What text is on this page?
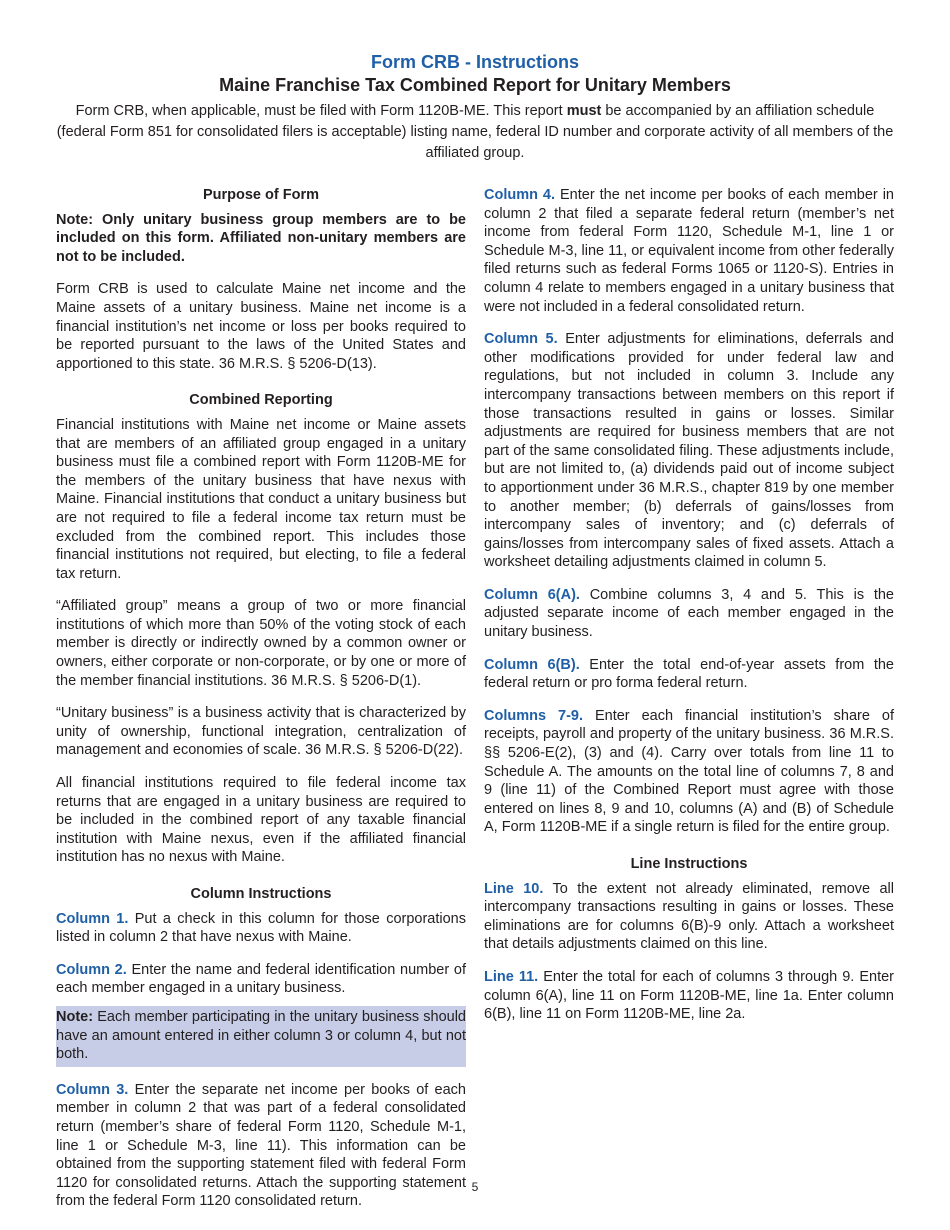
Form CRB - Instructions
Maine Franchise Tax Combined Report for Unitary Members
Form CRB, when applicable, must be filed with Form 1120B-ME. This report must be accompanied by an affiliation schedule (federal Form 851 for consolidated filers is acceptable) listing name, federal ID number and corporate activity of all members of the affiliated group.
Purpose of Form

Note: Only unitary business group members are to be included on this form. Affiliated non-unitary members are not to be included.

Form CRB is used to calculate Maine net income and the Maine assets of a unitary business. Maine net income is a financial institution’s net income or loss per books required to be reported pursuant to the laws of the United States and apportioned to this state. 36 M.R.S. § 5206-D(13).

Combined Reporting

Financial institutions with Maine net income or Maine assets that are members of an affiliated group engaged in a unitary business must file a combined report with Form 1120B-ME for the members of the unitary business that have nexus with Maine. Financial institutions that conduct a unitary business but are not required to file a federal income tax return must be excluded from the combined report. This includes those financial institutions not required, but electing, to file a federal tax return.

“Affiliated group” means a group of two or more financial institutions of which more than 50% of the voting stock of each member is directly or indirectly owned by a common owner or owners, either corporate or non-corporate, or by one or more of the member financial institutions. 36 M.R.S. § 5206-D(1).

“Unitary business” is a business activity that is characterized by unity of ownership, functional integration, centralization of management and economies of scale. 36 M.R.S. § 5206-D(22).

All financial institutions required to file federal income tax returns that are engaged in a unitary business are required to be included in the combined report of any taxable financial institution with Maine nexus, even if the affiliated financial institution has no nexus with Maine.

Column Instructions

Column 1. Put a check in this column for those corporations listed in column 2 that have nexus with Maine.

Column 2. Enter the name and federal identification number of each member engaged in a unitary business.

Note: Each member participating in the unitary business should have an amount entered in either column 3 or column 4, but not both.

Column 3. Enter the separate net income per books of each member in column 2 that was part of a federal consolidated return (member’s share of federal Form 1120, Schedule M-1, line 1 or Schedule M-3, line 11). This information can be obtained from the supporting statement filed with federal Form 1120 for consolidated returns. Attach the supporting statement from the federal Form 1120 consolidated return.

Column 4. Enter the net income per books of each member in column 2 that filed a separate federal return (member’s net income from federal Form 1120, Schedule M-1, line 1 or Schedule M-3, line 11, or equivalent income from other federally filed returns such as federal Forms 1065 or 1120-S). Entries in column 4 relate to members engaged in a unitary business that were not included in a federal consolidated return.

Column 5. Enter adjustments for eliminations, deferrals and other modifications provided for under federal law and regulations, but not included in column 3. Include any intercompany transactions between members on this report if those transactions resulted in gains or losses. Similar adjustments are required for business members that are not part of the same consolidated filing. These adjustments include, but are not limited to, (a) dividends paid out of income subject to apportionment under 36 M.R.S., chapter 819 by one member to another member; (b) deferrals of gains/losses from intercompany sales of inventory; and (c) deferrals of gains/losses from intercompany sales of fixed assets. Attach a worksheet detailing adjustments claimed in column 5.

Column 6(A). Combine columns 3, 4 and 5. This is the adjusted separate income of each member engaged in the unitary business.

Column 6(B). Enter the total end-of-year assets from the federal return or pro forma federal return.

Columns 7-9. Enter each financial institution’s share of receipts, payroll and property of the unitary business. 36 M.R.S. §§ 5206-E(2), (3) and (4). Carry over totals from line 11 to Schedule A. The amounts on the total line of columns 7, 8 and 9 (line 11) of the Combined Report must agree with those entered on lines 8, 9 and 10, columns (A) and (B) of Schedule A, Form 1120B-ME if a single return is filed for the entire group.

Line Instructions

Line 10. To the extent not already eliminated, remove all intercompany transactions resulting in gains or losses. These eliminations are for columns 6(B)-9 only. Attach a worksheet that details adjustments claimed on this line.

Line 11. Enter the total for each of columns 3 through 9. Enter column 6(A), line 11 on Form 1120B-ME, line 1a. Enter column 6(B), line 11 on Form 1120B-ME, line 2a.

5
